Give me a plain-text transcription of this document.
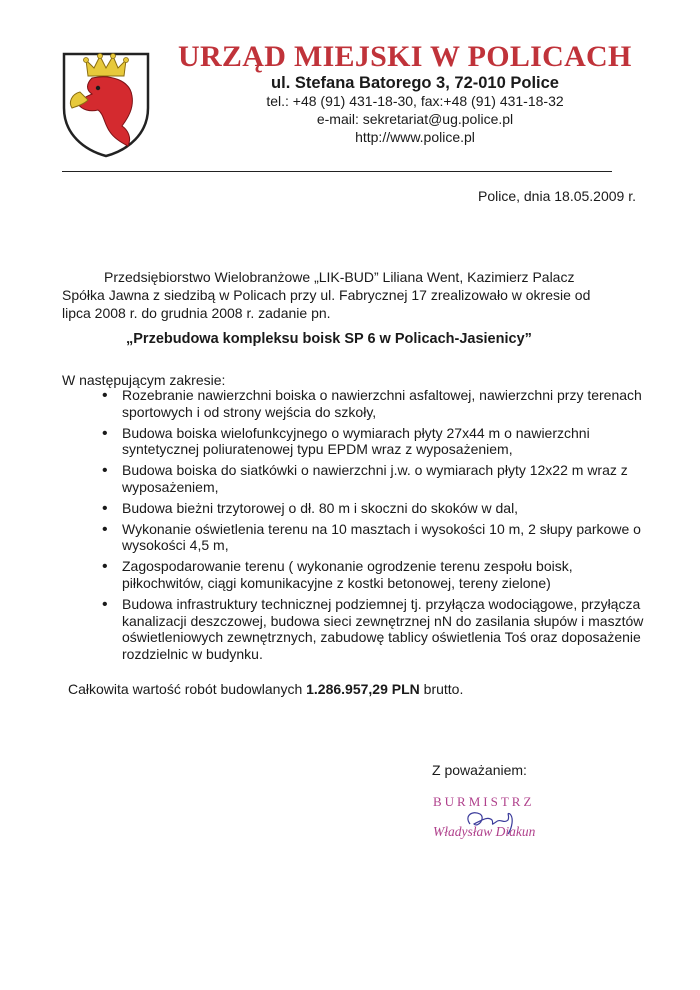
URZĄD MIEJSKI W POLICACH
ul. Stefana Batorego 3, 72-010 Police
tel.: +48 (91) 431-18-30, fax:+48 (91) 431-18-32
e-mail: sekretariat@ug.police.pl
http://www.police.pl
Police, dnia 18.05.2009 r.

Przedsiębiorstwo Wielobranżowe „LIK-BUD” Liliana Went, Kazimierz Palacz Spółka Jawna z siedzibą w Policach przy ul. Fabrycznej 17 zrealizowało w okresie od lipca 2008 r. do grudnia 2008 r. zadanie pn.

„Przebudowa kompleksu boisk SP 6 w Policach-Jasienicy”
W następującym zakresie:
• Rozebranie nawierzchni boiska o nawierzchni asfaltowej, nawierzchni przy terenach sportowych i od strony wejścia do szkoły,
• Budowa boiska wielofunkcyjnego o wymiarach płyty 27x44 m o nawierzchni syntetycznej poliuratenowej typu EPDM wraz z wyposażeniem,
• Budowa boiska do siatkówki o nawierzchni j.w. o wymiarach płyty 12x22 m wraz z wyposażeniem,
• Budowa bieżni trzytorowej o dł. 80 m i skoczni do skoków w dal,
• Wykonanie oświetlenia terenu na 10 masztach i wysokości 10 m, 2 słupy parkowe o wysokości 4,5 m,
• Zagospodarowanie terenu ( wykonanie ogrodzenie terenu zespołu boisk, piłkochwitów, ciągi komunikacyjne z kostki betonowej, tereny zielone)
• Budowa infrastruktury technicznej podziemnej tj. przyłącza wodociągowe, przyłącza kanalizacji deszczowej, budowa sieci zewnętrznej nN do zasilania słupów i masztów oświetleniowych zewnętrznych, zabudowę tablicy oświetlenia Toś oraz doposażenie rozdzielnic w budynku.
Całkowita wartość robót budowlanych 1.286.957,29 PLN brutto.
Z poważaniem:
BURMISTRZ
Władysław Diakun
